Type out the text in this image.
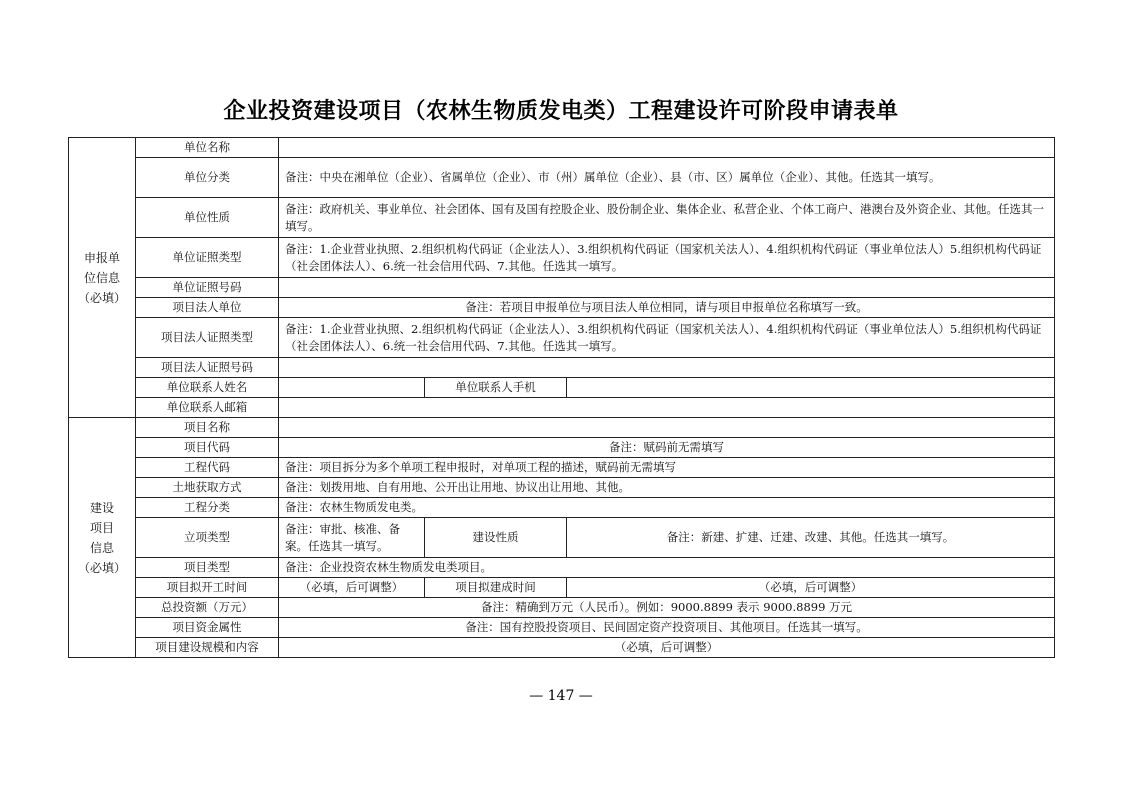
企业投资建设项目（农林生物质发电类）工程建设许可阶段申请表单
申报单
位信息
（必填）	单位名称			
	单位分类	备注：中央在湘单位（企业）、省属单位（企业）、市（州）属单位（企业）、县（市、区）属单位（企业）、其他。任选其一填写。		
	单位性质	备注：政府机关、事业单位、社会团体、国有及国有控股企业、股份制企业、集体企业、私营企业、个体工商户、港澳台及外资企业、其他。任选其一填写。		
	单位证照类型	备注：1.企业营业执照、2.组织机构代码证（企业法人）、3.组织机构代码证（国家机关法人）、4.组织机构代码证（事业单位法人）5.组织机构代码证（社会团体法人）、6.统一社会信用代码、7.其他。任选其一填写。		
	单位证照号码			
	项目法人单位	备注：若项目申报单位与项目法人单位相同，请与项目申报单位名称填写一致。		
	项目法人证照类型	备注：1.企业营业执照、2.组织机构代码证（企业法人）、3.组织机构代码证（国家机关法人）、4.组织机构代码证（事业单位法人）5.组织机构代码证（社会团体法人）、6.统一社会信用代码、7.其他。任选其一填写。		
	项目法人证照号码			
	单位联系人姓名		单位联系人手机	
	单位联系人邮箱			
建设
项目
信息
（必填）	项目名称			
	项目代码	备注：赋码前无需填写		
	工程代码	备注：项目拆分为多个单项工程申报时，对单项工程的描述，赋码前无需填写		
	土地获取方式	备注：划拨用地、自有用地、公开出让用地、协议出让用地、其他。		
	工程分类	备注：农林生物质发电类。		
	立项类型	备注：审批、核准、备案。任选其一填写。	建设性质	备注：新建、扩建、迁建、改建、其他。任选其一填写。
	项目类型	备注：企业投资农林生物质发电类项目。		
	项目拟开工时间	（必填，后可调整）	项目拟建成时间	（必填，后可调整）
	总投资额（万元）	备注：精确到万元（人民币）。例如：9000.8899 表示 9000.8899 万元		
	项目资金属性	备注：国有控股投资项目、民间固定资产投资项目、其他项目。任选其一填写。		
	项目建设规模和内容	（必填，后可调整）		
— 147 —
